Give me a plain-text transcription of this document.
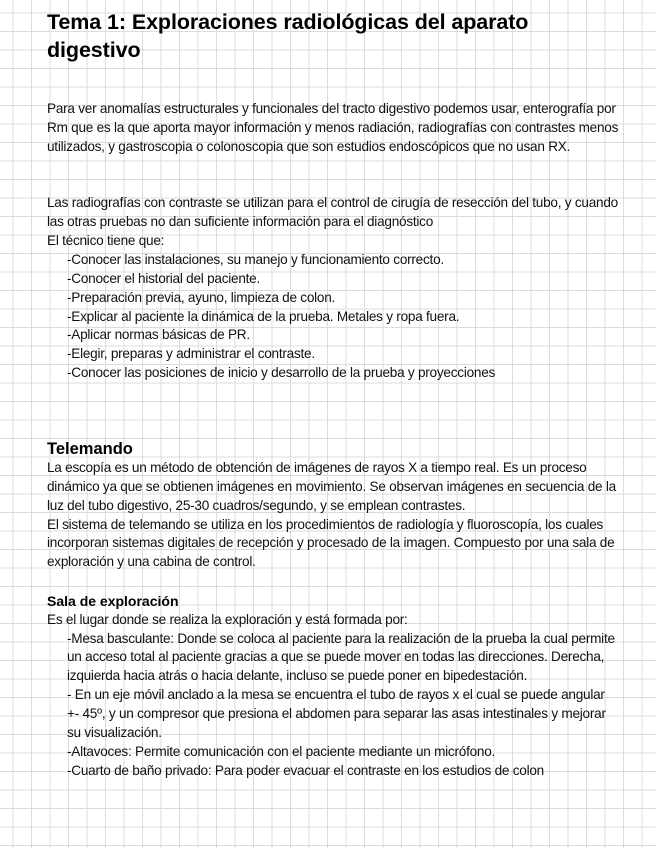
Tema 1: Exploraciones radiológicas del aparato digestivo

Para ver anomalías estructurales y funcionales del tracto digestivo podemos usar, enterografía por Rm que es la que aporta mayor información y menos radiación, radiografías con contrastes menos utilizados, y gastroscopia o colonoscopia que son estudios endoscópicos que no usan RX.

Las radiografías con contraste se utilizan para el control de cirugía de resección del tubo, y cuando las otras pruebas no dan suficiente información para el diagnóstico

El técnico tiene que:

-Conocer las instalaciones, su manejo y funcionamiento correcto.
-Conocer el historial del paciente.
-Preparación previa, ayuno, limpieza de colon.
-Explicar al paciente la dinámica de la prueba. Metales y ropa fuera.
-Aplicar normas básicas de PR.
-Elegir, preparas y administrar el contraste.
-Conocer las posiciones de inicio y desarrollo de la prueba y proyecciones
Telemando

La escopía es un método de obtención de imágenes de rayos X a tiempo real. Es un proceso dinámico ya que se obtienen imágenes en movimiento. Se observan imágenes en secuencia de la luz del tubo digestivo, 25-30 cuadros/segundo, y se emplean contrastes.

El sistema de telemando se utiliza en los procedimientos de radiología y fluoroscopía, los cuales incorporan sistemas digitales de recepción y procesado de la imagen. Compuesto por una sala de exploración y una cabina de control.

Sala de exploración

Es el lugar donde se realiza la exploración y está formada por:

-Mesa basculante: Donde se coloca al paciente para la realización de la prueba la cual permite un acceso total al paciente gracias a que se puede mover en todas las direcciones. Derecha, izquierda hacia atrás o hacia delante, incluso se puede poner en bipedestación.
- En un eje móvil anclado a la mesa se encuentra el tubo de rayos x el cual se puede angular +- 45º, y un compresor que presiona el abdomen para separar las asas intestinales y mejorar su visualización.
-Altavoces: Permite comunicación con el paciente mediante un micrófono.
-Cuarto de baño privado: Para poder evacuar el contraste en los estudios de colon
